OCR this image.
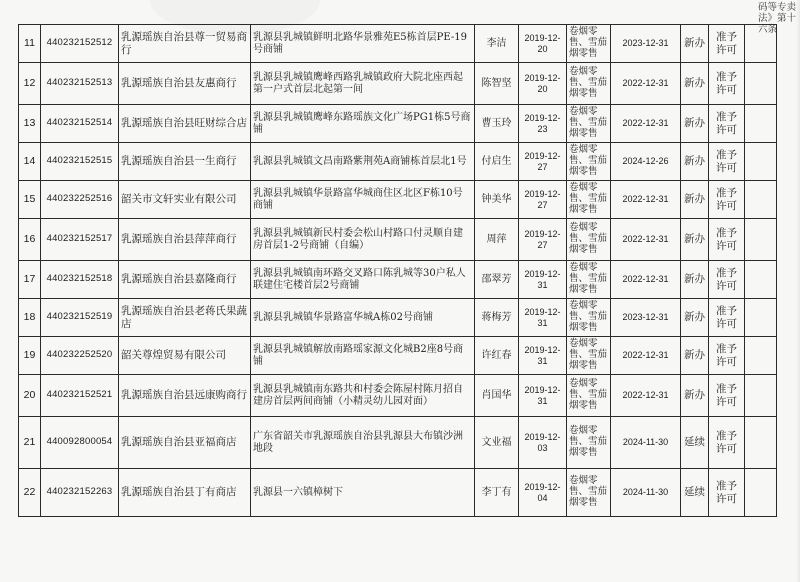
11	440232152512	乳源瑶族自治县尊一贸易商行	乳源县乳城镇鲜明北路华景雅苑E5栋首层PE-19号商铺	李洁	2019-12-20	卷烟零售、雪茄烟零售	2023-12-31	新办	准予许可	
12	440232152513	乳源瑶族自治县友惠商行	乳源县乳城镇鹰峰西路乳城镇政府大院北座西起第一户式首层北起第一间	陈智坚	2019-12-20	卷烟零售、雪茄烟零售	2022-12-31	新办	准予许可	
13	440232152514	乳源瑶族自治县旺财综合店	乳源县乳城镇鹰峰东路瑶族文化广场PG1栋5号商铺	曹玉玲	2019-12-23	卷烟零售、雪茄烟零售	2022-12-31	新办	准予许可	
14	440232152515	乳源瑶族自治县一生商行	乳源县乳城镇文昌南路紫荆苑A商铺栋首层北1号	付启生	2019-12-27	卷烟零售、雪茄烟零售	2024-12-26	新办	准予许可	
15	440232252516	韶关市文轩实业有限公司	乳源县乳城镇华景路富华城商住区北区F栋10号商铺	钟美华	2019-12-27	卷烟零售、雪茄烟零售	2022-12-31	新办	准予许可	
16	440232152517	乳源瑶族自治县萍萍商行	乳源县乳城镇新民村委会松山村路口付灵顺自建房首层1-2号商铺（自编）	周萍	2019-12-27	卷烟零售、雪茄烟零售	2022-12-31	新办	准予许可	
17	440232152518	乳源瑶族自治县嘉隆商行	乳源县乳城镇南环路交叉路口陈乳城等30户私人联建住宅楼首层2号商铺	邵翠芳	2019-12-31	卷烟零售、雪茄烟零售	2022-12-31	新办	准予许可	
18	440232152519	乳源瑶族自治县老蒋氏果蔬店	乳源县乳城镇华景路富华城A栋02号商铺	蒋梅芳	2019-12-31	卷烟零售、雪茄烟零售	2023-12-31	新办	准予许可	
19	440232252520	韶关尊煌贸易有限公司	乳源县乳城镇解放南路瑶家源文化城B2座8号商铺	许红春	2019-12-31	卷烟零售、雪茄烟零售	2022-12-31	新办	准予许可	
20	440232152521	乳源瑶族自治县远康购商行	乳源县乳城镇南东路共和村委会陈屋村陈月招自建房首层两间商铺（小精灵幼儿园对面）	肖国华	2019-12-31	卷烟零售、雪茄烟零售	2022-12-31	新办	准予许可	
21	440092800054	乳源瑶族自治县亚福商店	广东省韶关市乳源瑶族自治县乳源县大布镇沙洲地段	文业福	2019-12-03	卷烟零售、雪茄烟零售	2024-11-30	延续	准予许可	
22	440232152263	乳源瑶族自治县丁有商店	乳源县一六镇樟树下	李丁有	2019-12-04	卷烟零售、雪茄烟零售	2024-11-30	延续	准予许可	
码等专卖法》第十六条
